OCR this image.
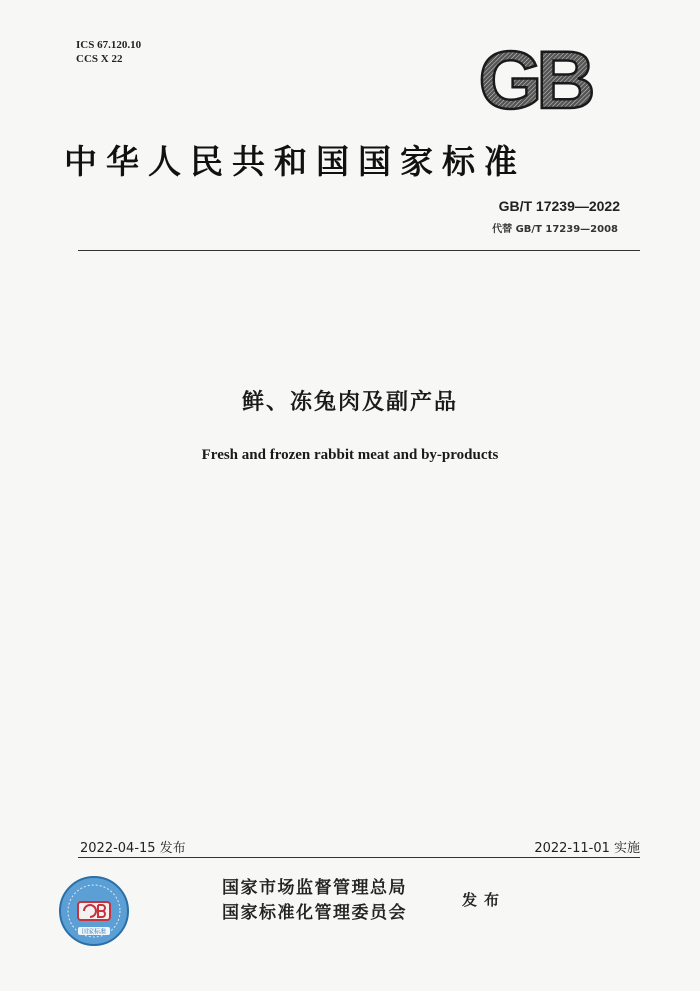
ICS 67.120.10
CCS X 22	GB
中华人民共和国国家标准
GB/T 17239—2022
代替 GB/T 17239—2008
鲜、冻兔肉及副产品
Fresh and frozen rabbit meat and by-products
2022-04-15 发布	2022-11-01 实施
国家标准
国家市场监督管理总局
国家标准化管理委员会
发布
